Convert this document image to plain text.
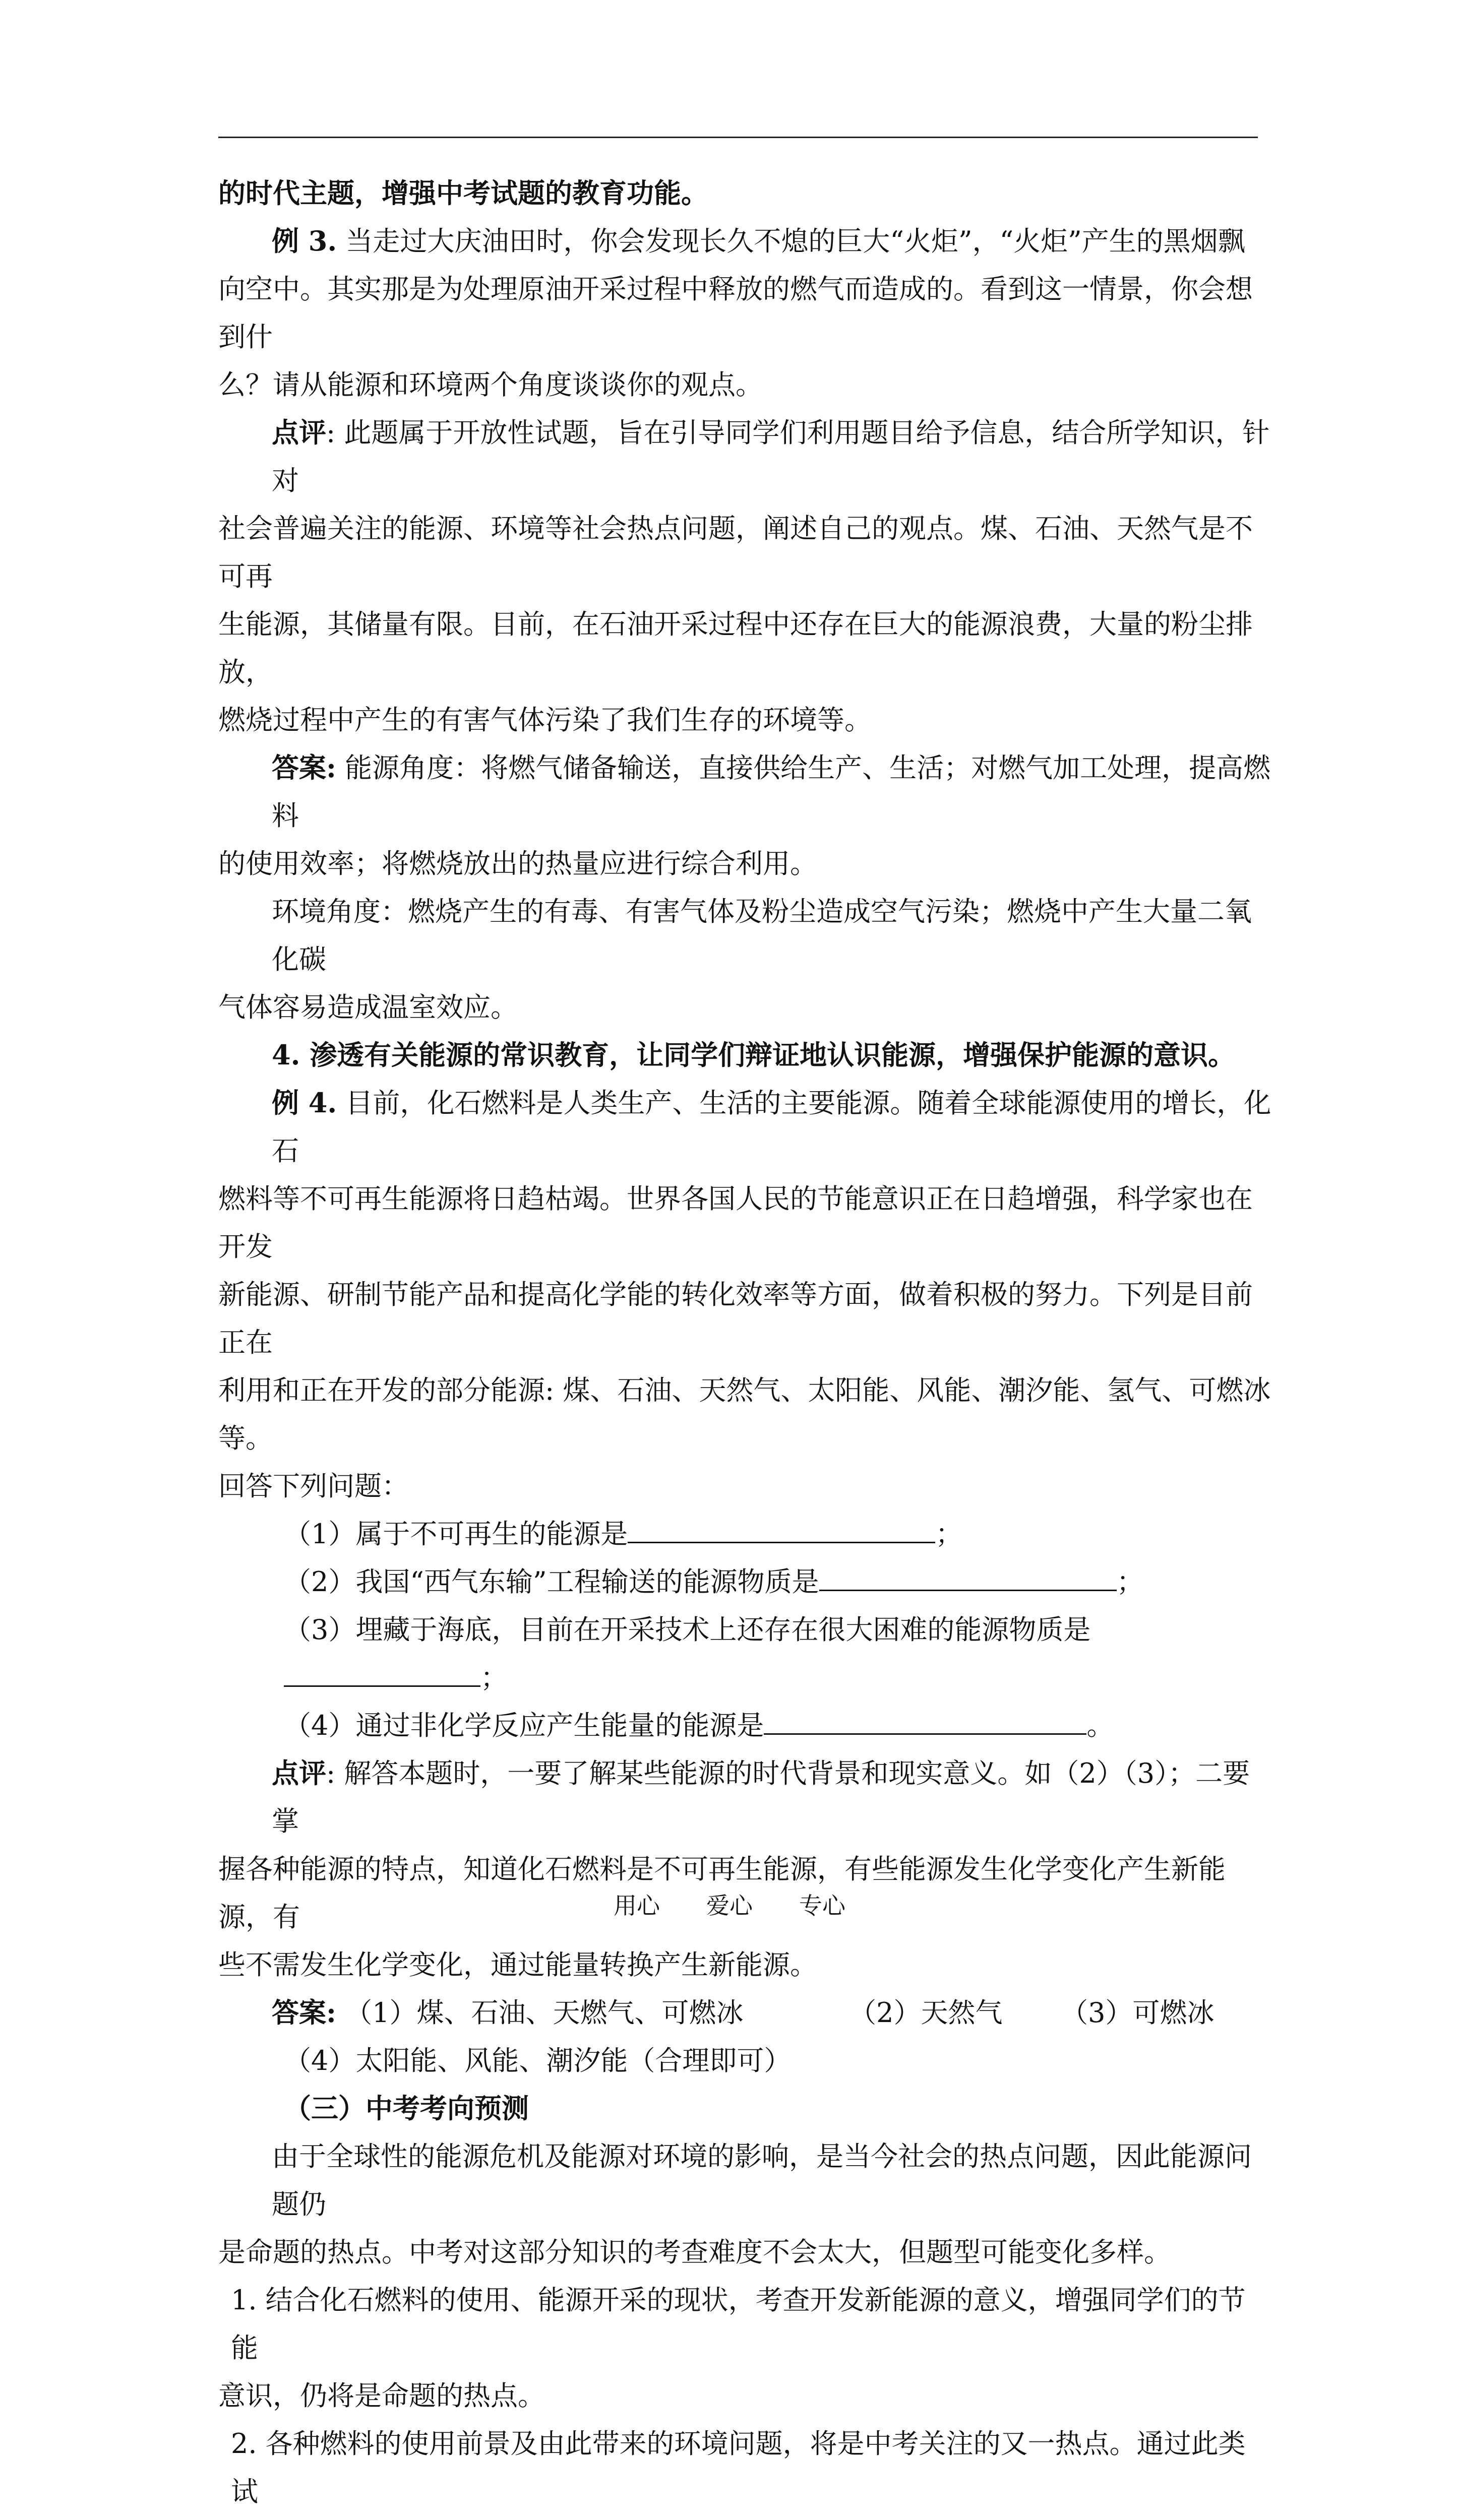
的时代主题，增强中考试题的教育功能。

例 3. 当走过大庆油田时，你会发现长久不熄的巨大“火炬”，“火炬”产生的黑烟飘

向空中。其实那是为处理原油开采过程中释放的燃气而造成的。看到这一情景，你会想到什

么？请从能源和环境两个角度谈谈你的观点。

点评: 此题属于开放性试题，旨在引导同学们利用题目给予信息，结合所学知识，针对

社会普遍关注的能源、环境等社会热点问题，阐述自己的观点。煤、石油、天然气是不可再

生能源，其储量有限。目前，在石油开采过程中还存在巨大的能源浪费，大量的粉尘排放，

燃烧过程中产生的有害气体污染了我们生存的环境等。

答案: 能源角度：将燃气储备输送，直接供给生产、生活；对燃气加工处理，提高燃料

的使用效率；将燃烧放出的热量应进行综合利用。

环境角度：燃烧产生的有毒、有害气体及粉尘造成空气污染；燃烧中产生大量二氧化碳

气体容易造成温室效应。

4. 渗透有关能源的常识教育，让同学们辩证地认识能源，增强保护能源的意识。

例 4. 目前，化石燃料是人类生产、生活的主要能源。随着全球能源使用的增长，化石

燃料等不可再生能源将日趋枯竭。世界各国人民的节能意识正在日趋增强，科学家也在开发

新能源、研制节能产品和提高化学能的转化效率等方面，做着积极的努力。下列是目前正在

利用和正在开发的部分能源: 煤、石油、天然气、太阳能、风能、潮汐能、氢气、可燃冰等。

回答下列问题：

（1）属于不可再生的能源是	；

（2）我国“西气东输”工程输送的能源物质是	；

（3）埋藏于海底，目前在开采技术上还存在很大困难的能源物质是；

（4）通过非化学反应产生能量的能源是	。

点评: 解答本题时，一要了解某些能源的时代背景和现实意义。如（2）（3）；二要掌

握各种能源的特点，知道化石燃料是不可再生能源，有些能源发生化学变化产生新能源，有

些不需发生化学变化，通过能量转换产生新能源。

答案: （1）煤、石油、天燃气、可燃冰	（2）天然气 （3）可燃冰

（4）太阳能、风能、潮汐能（合理即可）

（三）中考考向预测

由于全球性的能源危机及能源对环境的影响，是当今社会的热点问题，因此能源问题仍

是命题的热点。中考对这部分知识的考查难度不会太大，但题型可能变化多样。

1. 结合化石燃料的使用、能源开采的现状，考查开发新能源的意义，增强同学们的节能

意识，仍将是命题的热点。

2. 各种燃料的使用前景及由此带来的环境问题，将是中考关注的又一热点。通过此类试

用心　　爱心　　专心
